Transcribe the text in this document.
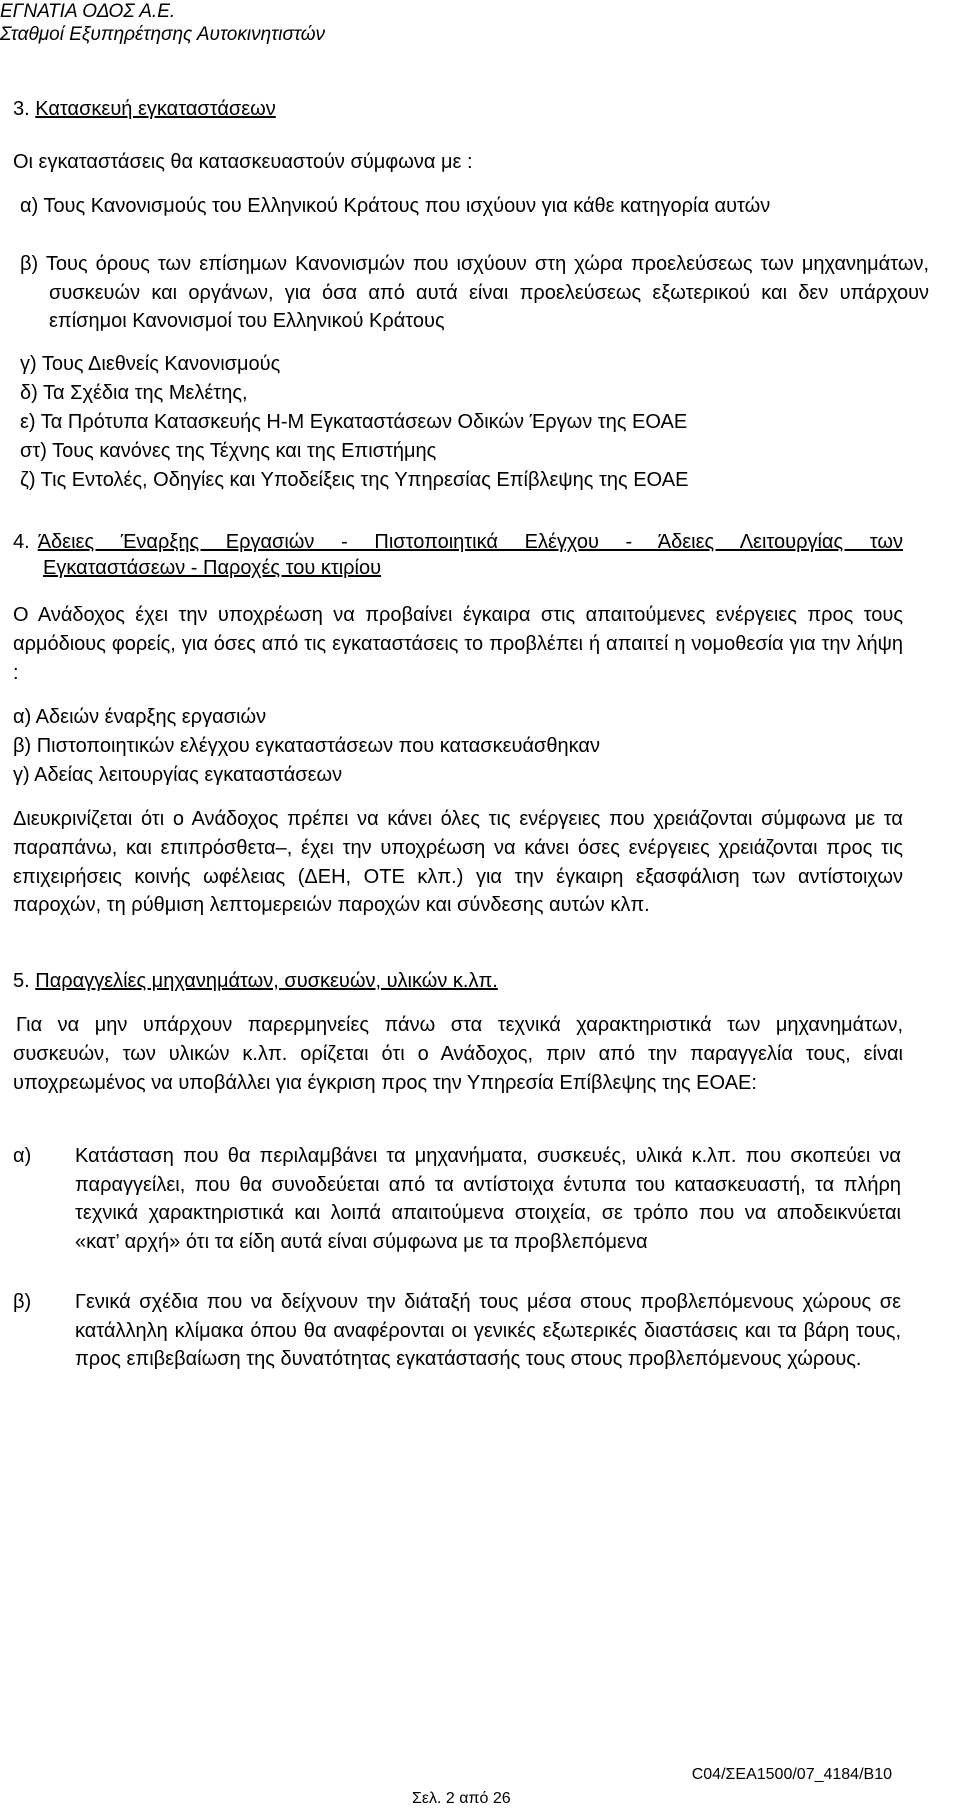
ΕΓΝΑΤΙΑ ΟΔΟΣ Α.Ε.
Σταθμοί Εξυπηρέτησης Αυτοκινητιστών
3. Κατασκευή εγκαταστάσεων
Οι εγκαταστάσεις θα κατασκευαστούν σύμφωνα με :
α) Τους Κανονισμούς του Ελληνικού Κράτους που ισχύουν για κάθε κατηγορία αυτών
β) Τους όρους των επίσημων Κανονισμών που ισχύουν στη χώρα προελεύσεως των μηχανημάτων, συσκευών και οργάνων, για όσα από αυτά είναι προελεύσεως εξωτερικού και δεν υπάρχουν επίσημοι Κανονισμοί του Ελληνικού Κράτους
γ) Τους Διεθνείς Κανονισμούς
δ) Τα Σχέδια της Μελέτης,
ε) Τα Πρότυπα Κατασκευής Η-Μ Εγκαταστάσεων Οδικών Έργων της ΕΟΑΕ
στ) Τους κανόνες της Τέχνης και της Επιστήμης
ζ) Τις Εντολές, Οδηγίες και Υποδείξεις της Υπηρεσίας Επίβλεψης της ΕΟΑΕ
4. Άδειες Έναρξης Εργασιών - Πιστοποιητικά Ελέγχου - Άδειες Λειτουργίας των
Εγκαταστάσεων - Παροχές του κτιρίου
Ο Ανάδοχος έχει την υποχρέωση να προβαίνει έγκαιρα στις απαιτούμενες ενέργειες προς τους αρμόδιους φορείς, για όσες από τις εγκαταστάσεις το προβλέπει ή απαιτεί η νομοθεσία για την λήψη :
α) Αδειών έναρξης εργασιών
β) Πιστοποιητικών ελέγχου εγκαταστάσεων που κατασκευάσθηκαν
γ) Αδείας λειτουργίας εγκαταστάσεων
Διευκρινίζεται ότι ο Ανάδοχος πρέπει να κάνει όλες τις ενέργειες που χρειάζονται σύμφωνα με τα παραπάνω, και επιπρόσθετα–, έχει την υποχρέωση να κάνει όσες ενέργειες χρειάζονται προς τις επιχειρήσεις κοινής ωφέλειας (ΔΕΗ, ΟΤΕ κλπ.) για την έγκαιρη εξασφάλιση των αντίστοιχων παροχών, τη ρύθμιση λεπτομερειών παροχών και σύνδεσης αυτών κλπ.
5. Παραγγελίες μηχανημάτων, συσκευών, υλικών κ.λπ.
Για να μην υπάρχουν παρερμηνείες πάνω στα τεχνικά χαρακτηριστικά των μηχανημάτων, συσκευών, των υλικών κ.λπ. ορίζεται ότι ο Ανάδοχος, πριν από την παραγγελία τους, είναι υποχρεωμένος να υποβάλλει για έγκριση προς την Υπηρεσία Επίβλεψης της ΕΟΑΕ:
α) Κατάσταση που θα περιλαμβάνει τα μηχανήματα, συσκευές, υλικά κ.λπ. που σκοπεύει να παραγγείλει, που θα συνοδεύεται από τα αντίστοιχα έντυπα του κατασκευαστή, τα πλήρη τεχνικά χαρακτηριστικά και λοιπά απαιτούμενα στοιχεία, σε τρόπο που να αποδεικνύεται «κατ’ αρχή» ότι τα είδη αυτά είναι σύμφωνα με τα προβλεπόμενα
β) Γενικά σχέδια που να δείχνουν την διάταξή τους μέσα στους προβλεπόμενους χώρους σε κατάλληλη κλίμακα όπου θα αναφέρονται οι γενικές εξωτερικές διαστάσεις και τα βάρη τους, προς επιβεβαίωση της δυνατότητας εγκατάστασής τους στους προβλεπόμενους χώρους.
C04/ΣΕΑ1500/07_4184/Β10
Σελ. 2 από 26
